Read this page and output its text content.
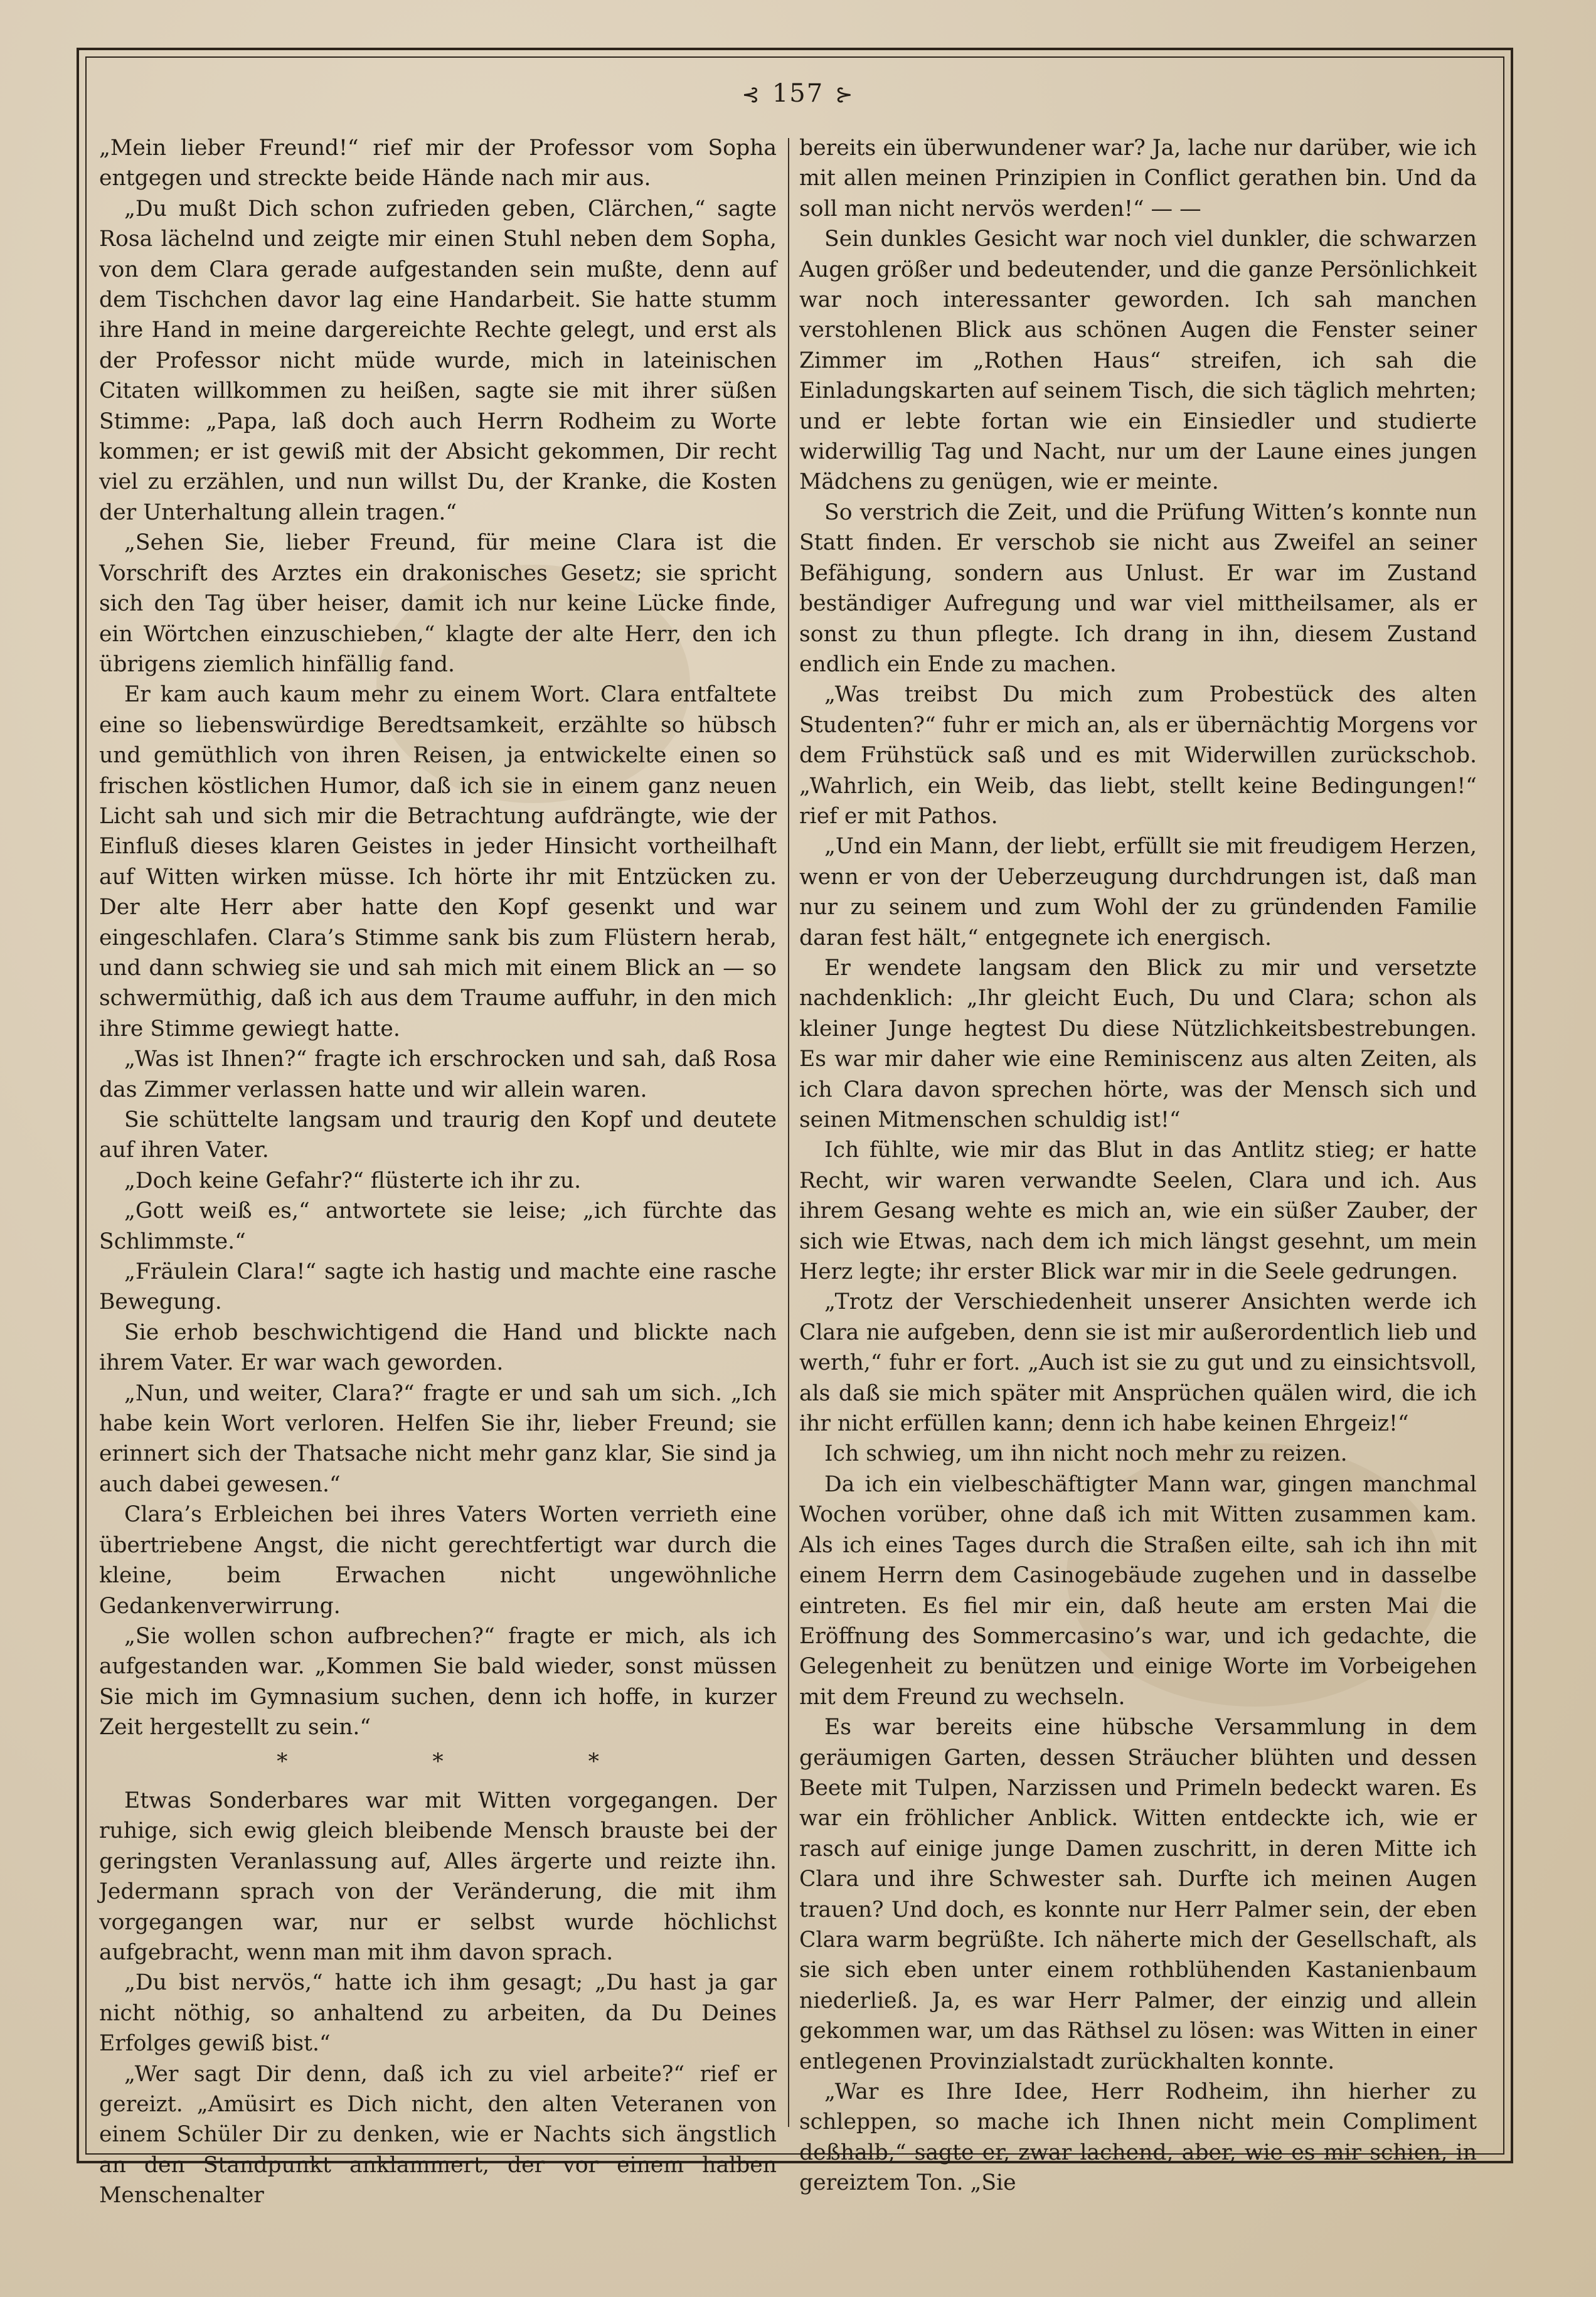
⊰ 157 ⊱

„Mein lieber Freund!“ rief mir der Professor vom Sopha entgegen und streckte beide Hände nach mir aus.

„Du mußt Dich schon zufrieden geben, Clärchen,“ sagte Rosa lächelnd und zeigte mir einen Stuhl neben dem Sopha, von dem Clara gerade aufgestanden sein mußte, denn auf dem Tischchen davor lag eine Handarbeit. Sie hatte stumm ihre Hand in meine dargereichte Rechte gelegt, und erst als der Professor nicht müde wurde, mich in lateinischen Citaten willkommen zu heißen, sagte sie mit ihrer süßen Stimme: „Papa, laß doch auch Herrn Rodheim zu Worte kommen; er ist gewiß mit der Absicht gekommen, Dir recht viel zu erzählen, und nun willst Du, der Kranke, die Kosten der Unterhaltung allein tragen.“

„Sehen Sie, lieber Freund, für meine Clara ist die Vorschrift des Arztes ein drakonisches Gesetz; sie spricht sich den Tag über heiser, damit ich nur keine Lücke finde, ein Wörtchen einzuschieben,“ klagte der alte Herr, den ich übrigens ziemlich hinfällig fand.

Er kam auch kaum mehr zu einem Wort. Clara entfaltete eine so liebenswürdige Beredtsamkeit, erzählte so hübsch und gemüthlich von ihren Reisen, ja entwickelte einen so frischen köstlichen Humor, daß ich sie in einem ganz neuen Licht sah und sich mir die Betrachtung aufdrängte, wie der Einfluß dieses klaren Geistes in jeder Hinsicht vortheilhaft auf Witten wirken müsse. Ich hörte ihr mit Entzücken zu. Der alte Herr aber hatte den Kopf gesenkt und war eingeschlafen. Clara’s Stimme sank bis zum Flüstern herab, und dann schwieg sie und sah mich mit einem Blick an — so schwermüthig, daß ich aus dem Traume auffuhr, in den mich ihre Stimme gewiegt hatte.

„Was ist Ihnen?“ fragte ich erschrocken und sah, daß Rosa das Zimmer verlassen hatte und wir allein waren.

Sie schüttelte langsam und traurig den Kopf und deutete auf ihren Vater.

„Doch keine Gefahr?“ flüsterte ich ihr zu.

„Gott weiß es,“ antwortete sie leise; „ich fürchte das Schlimmste.“

„Fräulein Clara!“ sagte ich hastig und machte eine rasche Bewegung.

Sie erhob beschwichtigend die Hand und blickte nach ihrem Vater. Er war wach geworden.

„Nun, und weiter, Clara?“ fragte er und sah um sich. „Ich habe kein Wort verloren. Helfen Sie ihr, lieber Freund; sie erinnert sich der Thatsache nicht mehr ganz klar, Sie sind ja auch dabei gewesen.“

Clara’s Erbleichen bei ihres Vaters Worten verrieth eine übertriebene Angst, die nicht gerechtfertigt war durch die kleine, beim Erwachen nicht ungewöhnliche Gedankenverwirrung.

„Sie wollen schon aufbrechen?“ fragte er mich, als ich aufgestanden war. „Kommen Sie bald wieder, sonst müssen Sie mich im Gymnasium suchen, denn ich hoffe, in kurzer Zeit hergestellt zu sein.“

* * *

Etwas Sonderbares war mit Witten vorgegangen. Der ruhige, sich ewig gleich bleibende Mensch brauste bei der geringsten Veranlassung auf, Alles ärgerte und reizte ihn. Jedermann sprach von der Veränderung, die mit ihm vorgegangen war, nur er selbst wurde höchlichst aufgebracht, wenn man mit ihm davon sprach.

„Du bist nervös,“ hatte ich ihm gesagt; „Du hast ja gar nicht nöthig, so anhaltend zu arbeiten, da Du Deines Erfolges gewiß bist.“

„Wer sagt Dir denn, daß ich zu viel arbeite?“ rief er gereizt. „Amüsirt es Dich nicht, den alten Veteranen von einem Schüler Dir zu denken, wie er Nachts sich ängstlich an den Standpunkt anklammert, der vor einem halben Menschenalter

bereits ein überwundener war? Ja, lache nur darüber, wie ich mit allen meinen Prinzipien in Conflict gerathen bin. Und da soll man nicht nervös werden!“ — —

Sein dunkles Gesicht war noch viel dunkler, die schwarzen Augen größer und bedeutender, und die ganze Persönlichkeit war noch interessanter geworden. Ich sah manchen verstohlenen Blick aus schönen Augen die Fenster seiner Zimmer im „Rothen Haus“ streifen, ich sah die Einladungskarten auf seinem Tisch, die sich täglich mehrten; und er lebte fortan wie ein Einsiedler und studierte widerwillig Tag und Nacht, nur um der Laune eines jungen Mädchens zu genügen, wie er meinte.

So verstrich die Zeit, und die Prüfung Witten’s konnte nun Statt finden. Er verschob sie nicht aus Zweifel an seiner Befähigung, sondern aus Unlust. Er war im Zustand beständiger Aufregung und war viel mittheilsamer, als er sonst zu thun pflegte. Ich drang in ihn, diesem Zustand endlich ein Ende zu machen.

„Was treibst Du mich zum Probestück des alten Studenten?“ fuhr er mich an, als er übernächtig Morgens vor dem Frühstück saß und es mit Widerwillen zurückschob. „Wahrlich, ein Weib, das liebt, stellt keine Bedingungen!“ rief er mit Pathos.

„Und ein Mann, der liebt, erfüllt sie mit freudigem Herzen, wenn er von der Ueberzeugung durchdrungen ist, daß man nur zu seinem und zum Wohl der zu gründenden Familie daran fest hält,“ entgegnete ich energisch.

Er wendete langsam den Blick zu mir und versetzte nachdenklich: „Ihr gleicht Euch, Du und Clara; schon als kleiner Junge hegtest Du diese Nützlichkeitsbestrebungen. Es war mir daher wie eine Reminiscenz aus alten Zeiten, als ich Clara davon sprechen hörte, was der Mensch sich und seinen Mitmenschen schuldig ist!“

Ich fühlte, wie mir das Blut in das Antlitz stieg; er hatte Recht, wir waren verwandte Seelen, Clara und ich. Aus ihrem Gesang wehte es mich an, wie ein süßer Zauber, der sich wie Etwas, nach dem ich mich längst gesehnt, um mein Herz legte; ihr erster Blick war mir in die Seele gedrungen.

„Trotz der Verschiedenheit unserer Ansichten werde ich Clara nie aufgeben, denn sie ist mir außerordentlich lieb und werth,“ fuhr er fort. „Auch ist sie zu gut und zu einsichtsvoll, als daß sie mich später mit Ansprüchen quälen wird, die ich ihr nicht erfüllen kann; denn ich habe keinen Ehrgeiz!“

Ich schwieg, um ihn nicht noch mehr zu reizen.

Da ich ein vielbeschäftigter Mann war, gingen manchmal Wochen vorüber, ohne daß ich mit Witten zusammen kam. Als ich eines Tages durch die Straßen eilte, sah ich ihn mit einem Herrn dem Casinogebäude zugehen und in dasselbe eintreten. Es fiel mir ein, daß heute am ersten Mai die Eröffnung des Sommercasino’s war, und ich gedachte, die Gelegenheit zu benützen und einige Worte im Vorbeigehen mit dem Freund zu wechseln.

Es war bereits eine hübsche Versammlung in dem geräumigen Garten, dessen Sträucher blühten und dessen Beete mit Tulpen, Narzissen und Primeln bedeckt waren. Es war ein fröhlicher Anblick. Witten entdeckte ich, wie er rasch auf einige junge Damen zuschritt, in deren Mitte ich Clara und ihre Schwester sah. Durfte ich meinen Augen trauen? Und doch, es konnte nur Herr Palmer sein, der eben Clara warm begrüßte. Ich näherte mich der Gesellschaft, als sie sich eben unter einem rothblühenden Kastanienbaum niederließ. Ja, es war Herr Palmer, der einzig und allein gekommen war, um das Räthsel zu lösen: was Witten in einer entlegenen Provinzialstadt zurückhalten konnte.

„War es Ihre Idee, Herr Rodheim, ihn hierher zu schleppen, so mache ich Ihnen nicht mein Compliment deßhalb,“ sagte er, zwar lachend, aber, wie es mir schien, in gereiztem Ton. „Sie
